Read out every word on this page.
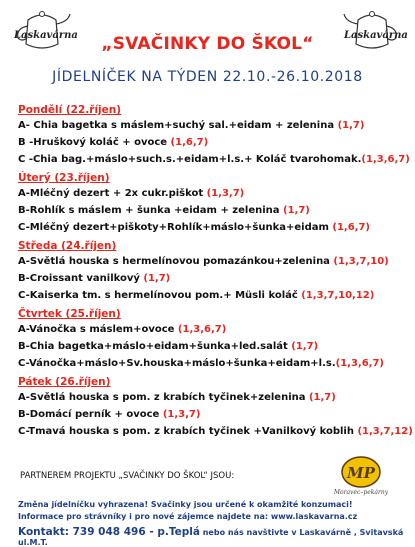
Laskavárna	Laskavárna
„SVAČINKY DO ŠKOL“
JÍDELNÍČEK NA TÝDEN 22.10.-26.10.2018
Pondělí (22.říjen)
A- Chia bagetka s máslem+suchý sal.+eidam + zelenina (1,7)
B -Hruškový koláč + ovoce (1,6,7)
C -Chia bag.+máslo+such.s.+eidam+l.s.+ Koláč tvarohomak.(1,3,6,7)
Úterý (23.říjen)
A-Mléčný dezert + 2x cukr.piškot (1,3,7)
B-Rohlík s máslem + šunka +eidam + zelenina (1,7)
C-Mléčný dezert+piškoty+Rohlík+máslo+šunka+eidam (1,6,7)
Středa (24.říjen)
A-Světlá houska s hermelínovou pomazánkou+zelenina (1,3,7,10)
B-Croissant vanilkový (1,7)
C-Kaiserka tm. s hermelínovou pom.+ Müsli koláč (1,3,7,10,12)
Čtvrtek (25.říjen)
A-Vánočka s máslem+ovoce (1,3,6,7)
B-Chia bagetka+máslo+eidam+šunka+led.salát (1,7)
C-Vánočka+máslo+Sv.houska+máslo+šunka+eidam+l.s.(1,3,6,7)
Pátek (26.říjen)
A-Světlá houska s pom. z krabích tyčinek+zelenina (1,7)
B-Domácí perník + ovoce (1,3,7)
C-Tmavá houska s pom. z krabích tyčinek +Vanilkový koblih (1,3,7,12)
PARTNEREM PROJEKTU „SVAČINKY DO ŠKOL“ JSOU:	MP
Moravec–pekárny
Změna jídelníčku vyhrazena! Svačinky jsou určené k okamžité konzumaci!
Informace pro strávníky i pro nové zájemce najdete na: www.laskavarna.cz
Kontakt: 739 048 496 - p.Teplá nebo nás navštivte v Laskavárně , Svitavská ul.M.T.
